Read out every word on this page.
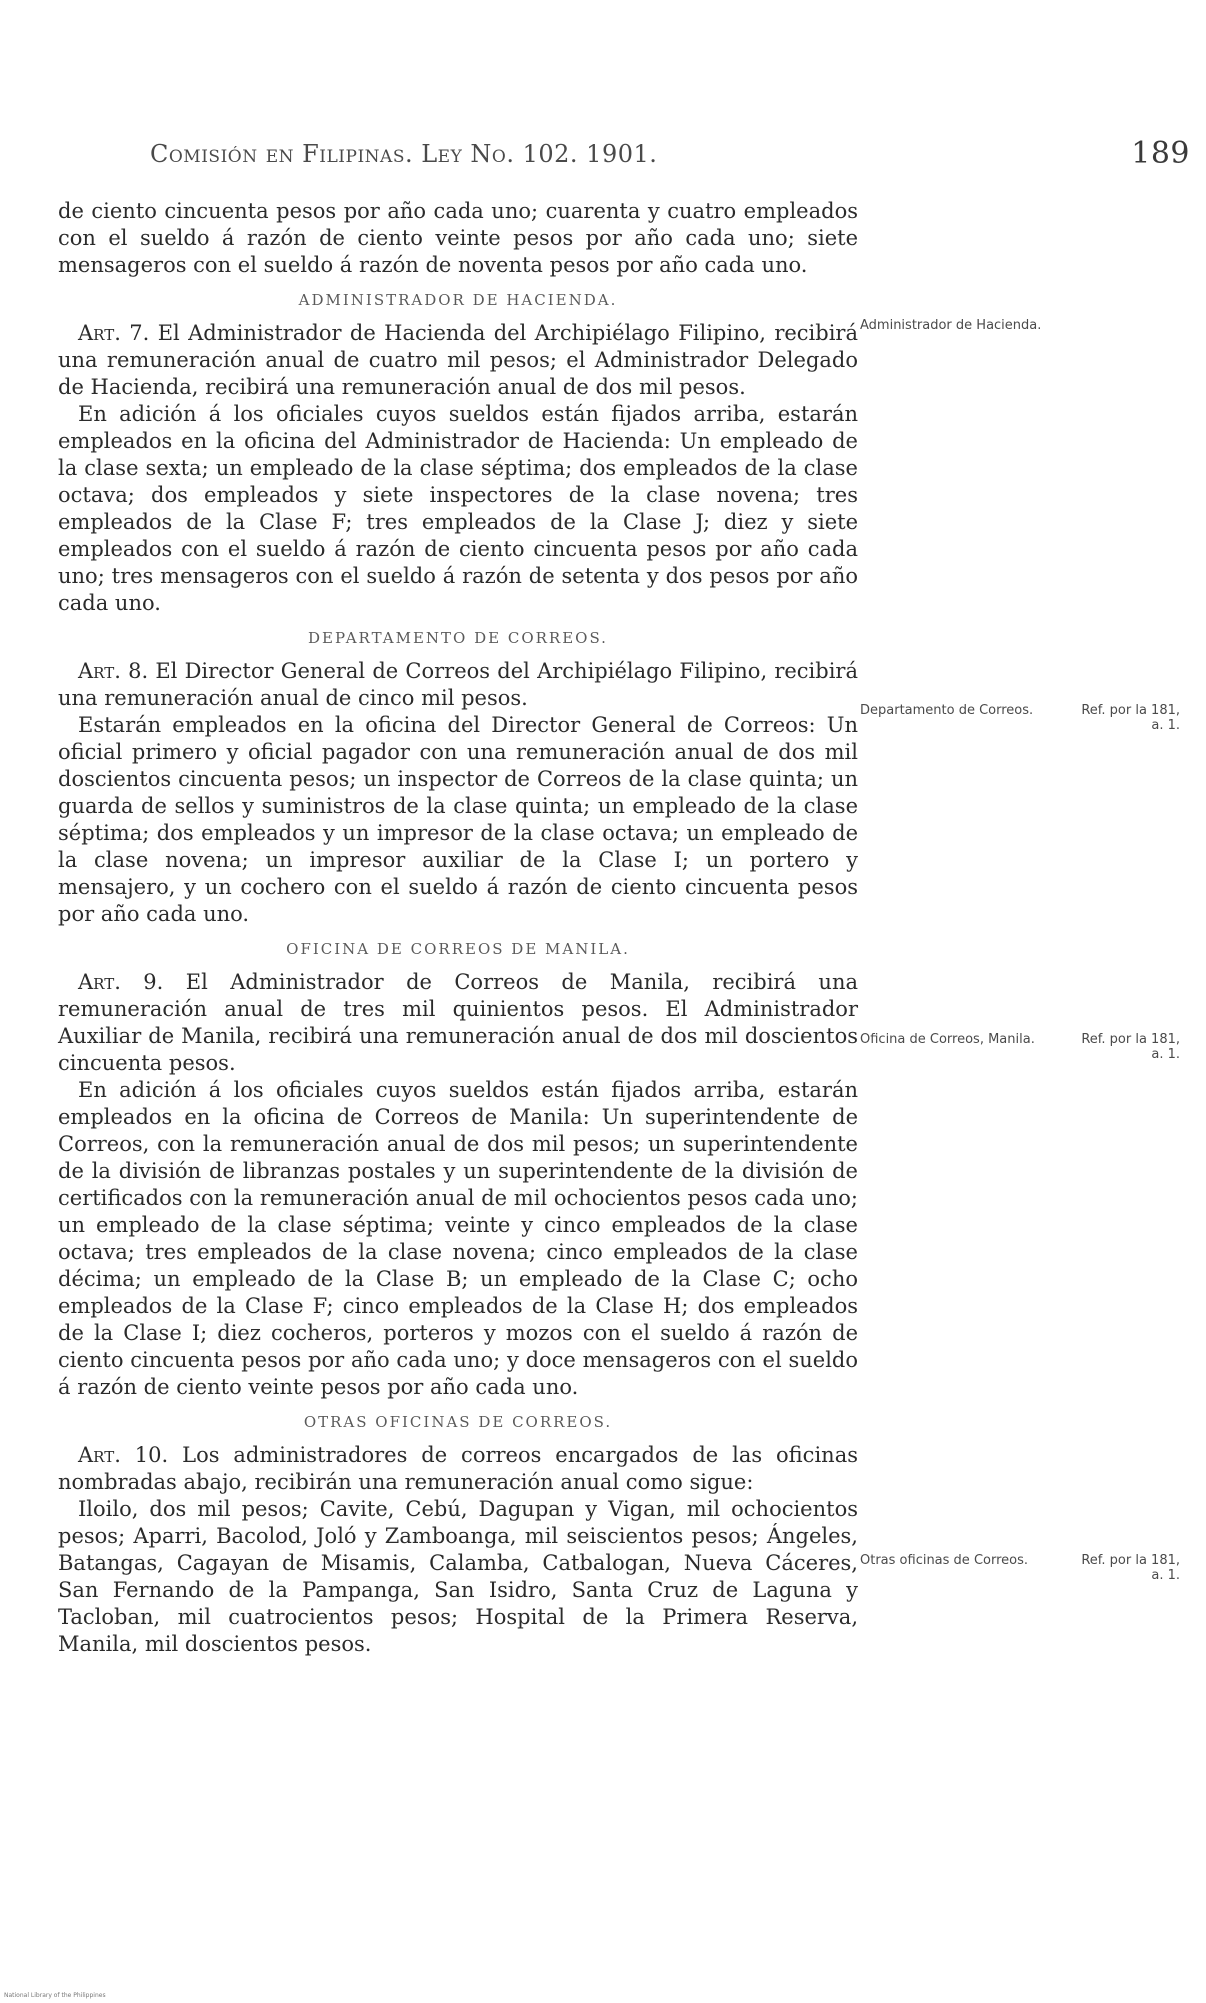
Comisión en Filipinas. Ley No. 102. 1901.	189

de ciento cincuenta pesos por año cada uno; cuarenta y cuatro empleados con el sueldo á razón de ciento veinte pesos por año cada uno; siete mensageros con el sueldo á razón de noventa pesos por año cada uno.

ADMINISTRADOR DE HACIENDA.

Art. 7. El Administrador de Hacienda del Archipiélago Filipino, recibirá una remuneración anual de cuatro mil pesos; el Administrador Delegado de Hacienda, recibirá una remuneración anual de dos mil pesos.

En adición á los oficiales cuyos sueldos están fijados arriba, estarán empleados en la oficina del Administrador de Hacienda: Un empleado de la clase sexta; un empleado de la clase séptima; dos empleados de la clase octava; dos empleados y siete inspectores de la clase novena; tres empleados de la Clase F; tres empleados de la Clase J; diez y siete empleados con el sueldo á razón de ciento cincuenta pesos por año cada uno; tres mensageros con el sueldo á razón de setenta y dos pesos por año cada uno.

DEPARTAMENTO DE CORREOS.

Art. 8. El Director General de Correos del Archipiélago Filipino, recibirá una remuneración anual de cinco mil pesos.

Estarán empleados en la oficina del Director General de Correos: Un oficial primero y oficial pagador con una remuneración anual de dos mil doscientos cincuenta pesos; un inspector de Correos de la clase quinta; un guarda de sellos y suministros de la clase quinta; un empleado de la clase séptima; dos empleados y un impresor de la clase octava; un empleado de la clase novena; un impresor auxiliar de la Clase I; un portero y mensajero, y un cochero con el sueldo á razón de ciento cincuenta pesos por año cada uno.

OFICINA DE CORREOS DE MANILA.

Art. 9. El Administrador de Correos de Manila, recibirá una remuneración anual de tres mil quinientos pesos. El Administrador Auxiliar de Manila, recibirá una remuneración anual de dos mil doscientos cincuenta pesos.

En adición á los oficiales cuyos sueldos están fijados arriba, estarán empleados en la oficina de Correos de Manila: Un superintendente de Correos, con la remuneración anual de dos mil pesos; un superintendente de la división de libranzas postales y un superintendente de la división de certificados con la remuneración anual de mil ochocientos pesos cada uno; un empleado de la clase séptima; veinte y cinco empleados de la clase octava; tres empleados de la clase novena; cinco empleados de la clase décima; un empleado de la Clase B; un empleado de la Clase C; ocho empleados de la Clase F; cinco empleados de la Clase H; dos empleados de la Clase I; diez cocheros, porteros y mozos con el sueldo á razón de ciento cincuenta pesos por año cada uno; y doce mensageros con el sueldo á razón de ciento veinte pesos por año cada uno.

OTRAS OFICINAS DE CORREOS.

Art. 10. Los administradores de correos encargados de las oficinas nombradas abajo, recibirán una remuneración anual como sigue:

Iloilo, dos mil pesos; Cavite, Cebú, Dagupan y Vigan, mil ochocientos pesos; Aparri, Bacolod, Joló y Zamboanga, mil seiscientos pesos; Ángeles, Batangas, Cagayan de Misamis, Calamba, Catbalogan, Nueva Cáceres, San Fernando de la Pampanga, San Isidro, Santa Cruz de Laguna y Tacloban, mil cuatrocientos pesos; Hospital de la Primera Reserva, Manila, mil doscientos pesos.

Administrador de Hacienda.
Ref. por la 181, a. 1.
Departamento de Correos.
Ref. por la 181, a. 1.
Oficina de Correos, Manila.
Ref. por la 181, a. 1.
Otras oficinas de Correos.
National Library of the Philippines
